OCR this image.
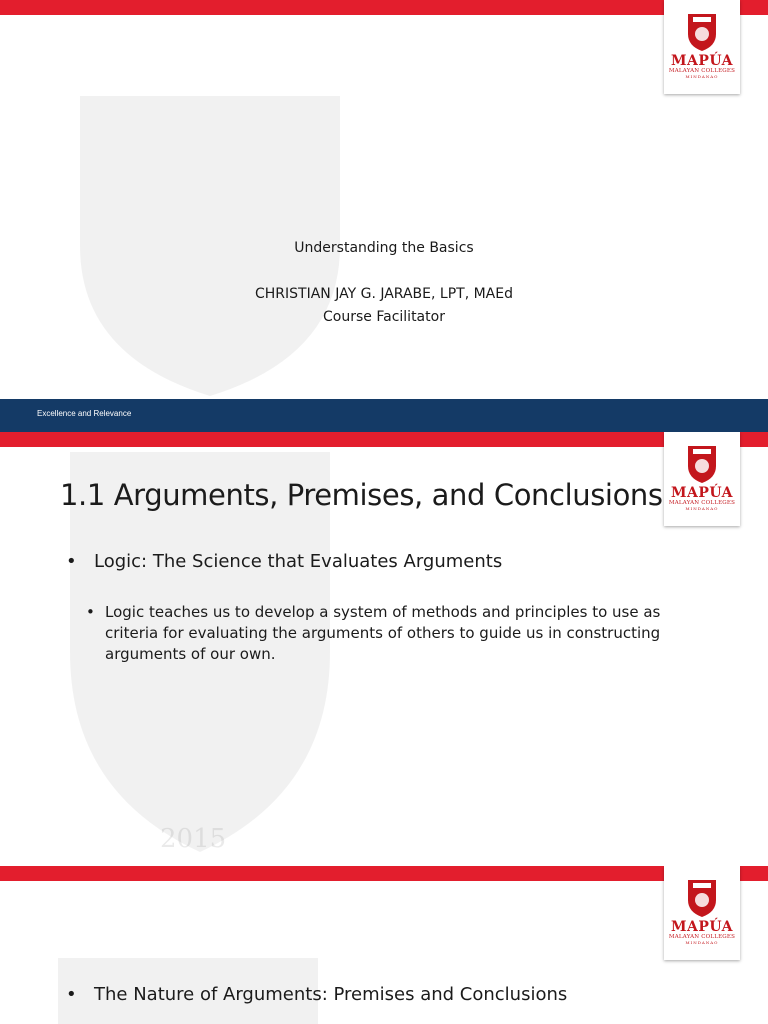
MAPÚA
MALAYAN COLLEGES
MINDANAO
Understanding the Basics
CHRISTIAN JAY G. JARABE, LPT, MAEd
Course Facilitator
Excellence and Relevance
2015
MAPÚA
MALAYAN COLLEGES
MINDANAO
1.1 Arguments, Premises, and Conclusions
• Logic: The Science that Evaluates Arguments
• Logic teaches us to develop a system of methods and principles to use as criteria for evaluating the arguments of others to guide us in constructing arguments of our own.
MAPÚA
MALAYAN COLLEGES
MINDANAO
• The Nature of Arguments: Premises and Conclusions
